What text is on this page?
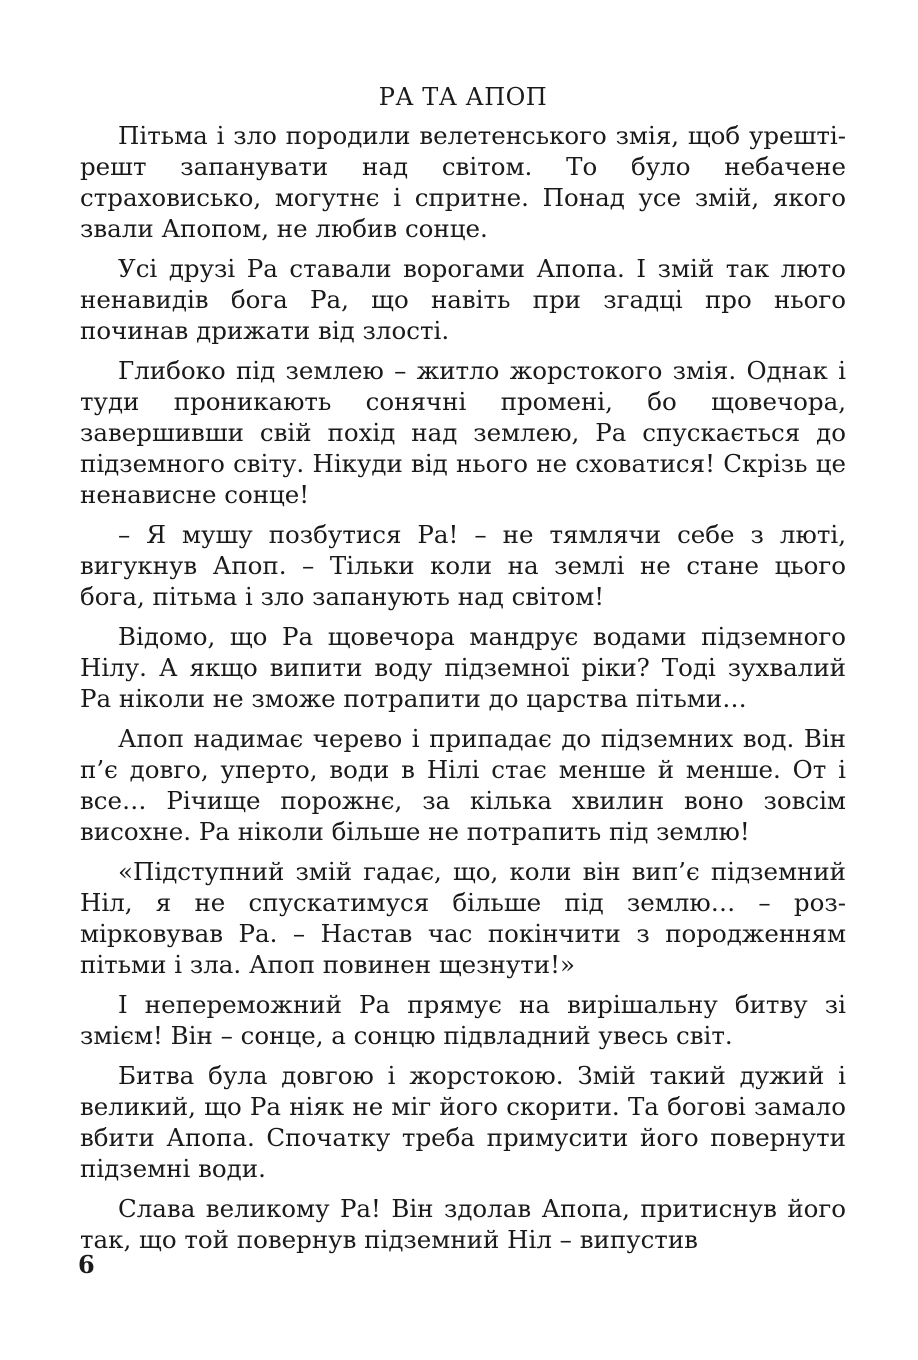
РА ТА АПОП

Пітьма і зло породили велетенського змія, щоб урешті-решт запанувати над світом. То було небачене страховисько, могутнє і спритне. Понад усе змій, якого звали Апопом, не любив сонце.

Усі друзі Ра ставали ворогами Апопа. І змій так люто ненавидів бога Ра, що навіть при згадці про нього починав дрижати від злості.

Глибоко під землею – житло жорстокого змія. Однак і туди проникають сонячні промені, бо щовечора, завершивши свій похід над землею, Ра спускається до підземного світу. Нікуди від нього не сховатися! Скрізь це ненависне сонце!

– Я мушу позбутися Ра! – не тямлячи себе з люті, вигукнув Апоп. – Тільки коли на землі не стане цього бога, пітьма і зло запанують над світом!

Відомо, що Ра щовечора мандрує водами підземного Нілу. А якщо випити воду підземної ріки? Тоді зухвалий Ра ніколи не зможе потрапити до царства пітьми…

Апоп надимає черево і припадає до підземних вод. Він п’є довго, уперто, води в Нілі стає менше й менше. От і все… Річище порожнє, за кілька хвилин воно зовсім висохне. Ра ніколи більше не потрапить під землю!

«Підступний змій гадає, що, коли він вип’є підземний Ніл, я не спускатимуся більше під землю… – розмірковував Ра. – Настав час покінчити з породженням пітьми і зла. Апоп повинен щезнути!»

І непереможний Ра прямує на вирішальну битву зі змієм! Він – сонце, а сонцю підвладний увесь світ.

Битва була довгою і жорстокою. Змій такий дужий і великий, що Ра ніяк не міг його скорити. Та богові замало вбити Апопа. Спочатку треба примусити його повернути підземні води.

Слава великому Ра! Він здолав Апопа, притиснув його так, що той повернув підземний Ніл – випустив

6
